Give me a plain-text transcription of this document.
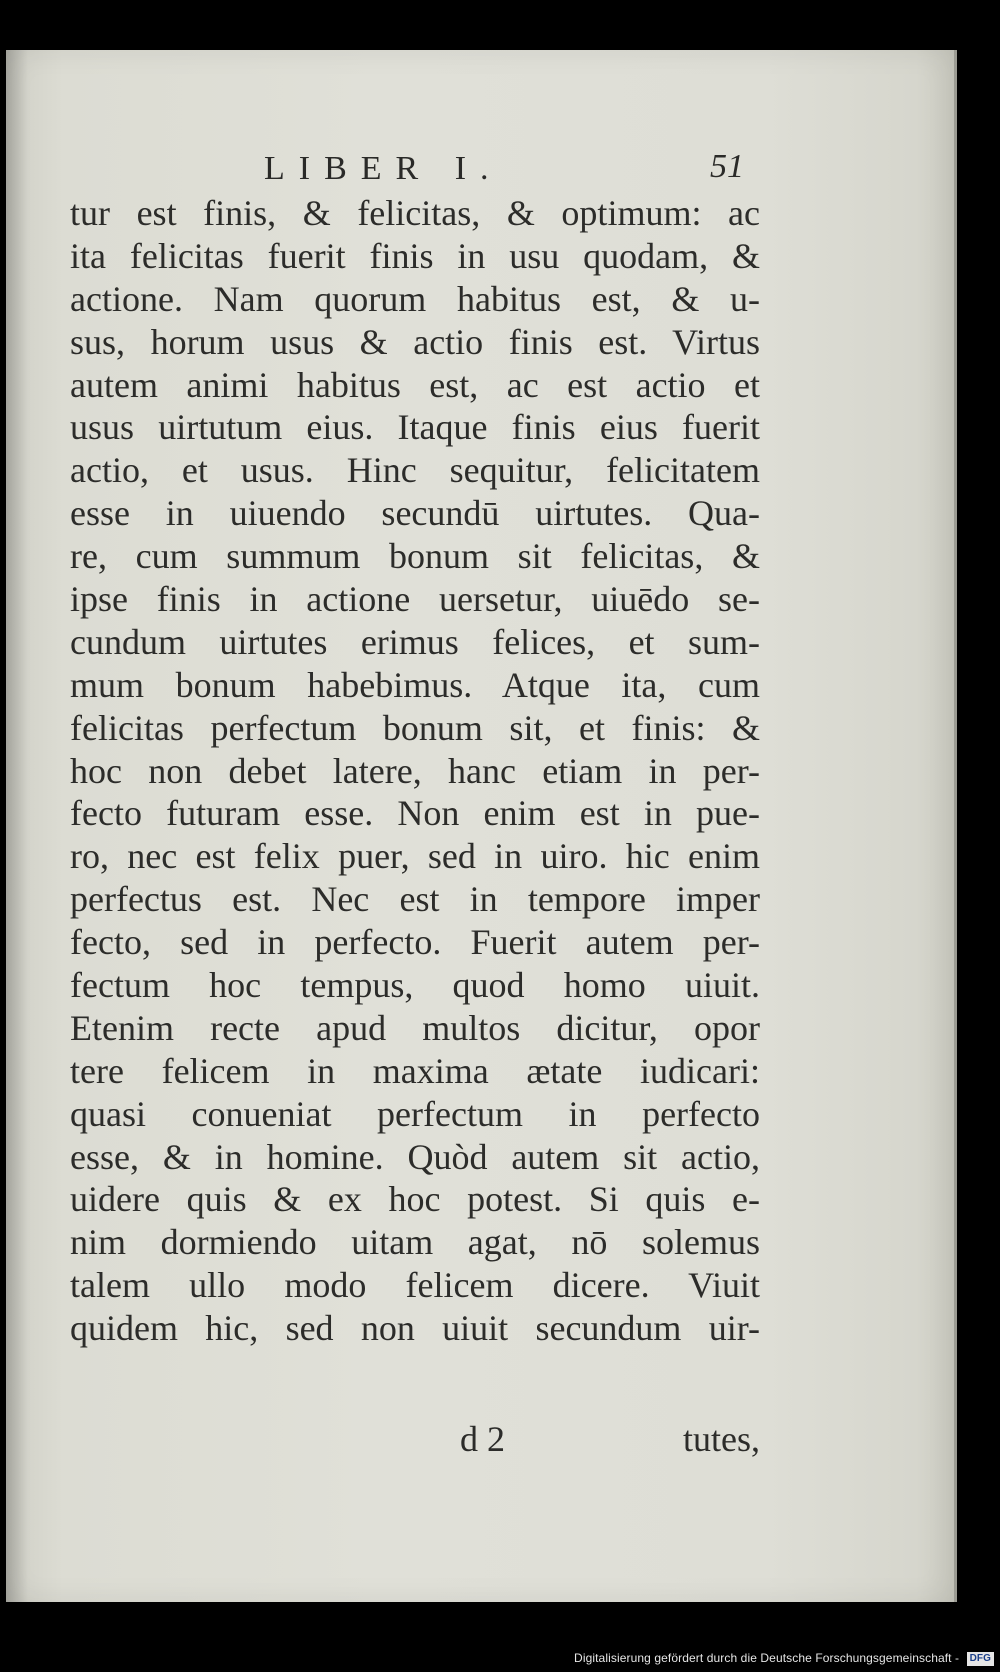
LIBER I.	51
tur est finis, & felicitas, & optimum: ac
ita felicitas fuerit finis in usu quodam, &
actione. Nam quorum habitus est, & u-
sus, horum usus & actio finis est. Virtus
autem animi habitus est, ac est actio et
usus uirtutum eius. Itaque finis eius fuerit
actio, et usus. Hinc sequitur, felicitatem
esse in uiuendo secundū uirtutes. Qua-
re, cum summum bonum sit felicitas, &
ipse finis in actione uersetur, uiuēdo se-
cundum uirtutes erimus felices, et sum-
mum bonum habebimus. Atque ita, cum
felicitas perfectum bonum sit, et finis: &
hoc non debet latere, hanc etiam in per-
fecto futuram esse. Non enim est in pue-
ro, nec est felix puer, sed in uiro. hic enim
perfectus est. Nec est in tempore imper
fecto, sed in perfecto. Fuerit autem per-
fectum hoc tempus, quod homo uiuit.
Etenim recte apud multos dicitur, opor
tere felicem in maxima ætate iudicari:
quasi conueniat perfectum in perfecto
esse, & in homine. Quòd autem sit actio,
uidere quis & ex hoc potest. Si quis e-
nim dormiendo uitam agat, nō solemus
talem ullo modo felicem dicere. Viuit
quidem hic, sed non uiuit secundum uir-
d 2	tutes,
Digitalisierung gefördert durch die Deutsche Forschungsgemeinschaft - DFG
